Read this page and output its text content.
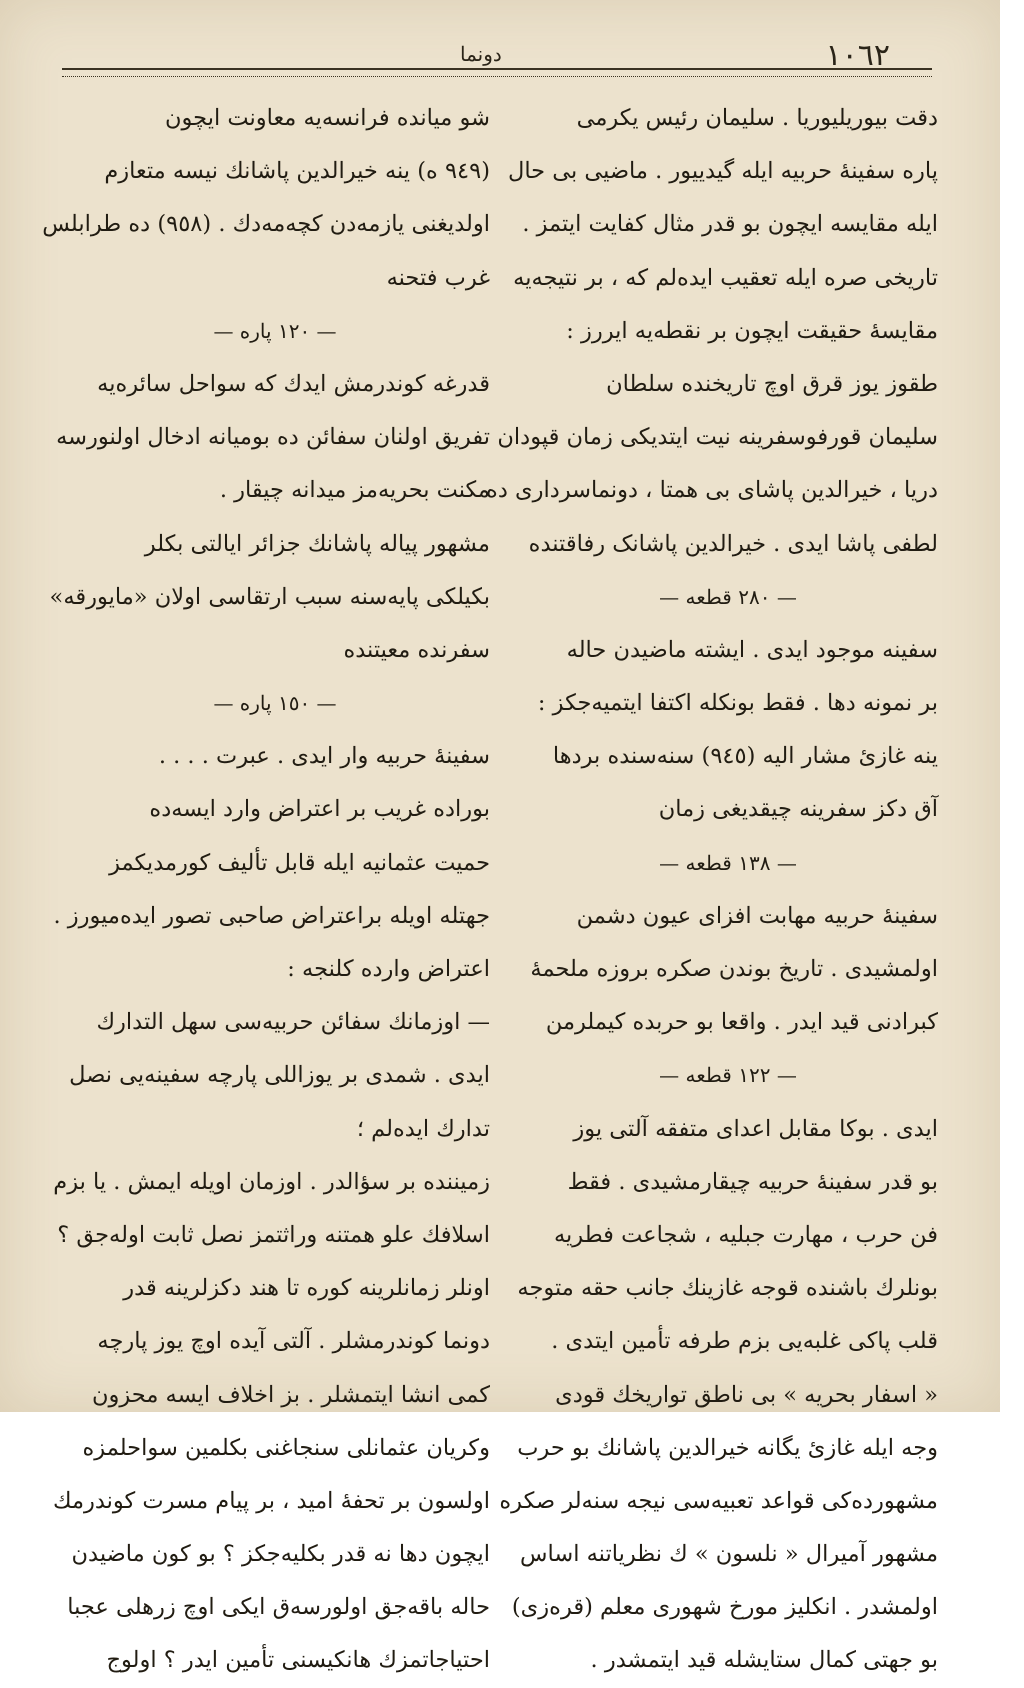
١٠٦٢
دونما
دقت بیوریلیوریا . سلیمان رئیس یکرمی
پاره سفینهٔ حربیه ایله گیدییور . ماضیی بی حال
ایله مقایسه ایچون بو قدر مثال کفایت ایتمز .
تاریخی صره ایله تعقیب ایده‌لم که ، بر نتیجه‌یه
مقایسهٔ حقیقت ایچون بر نقطه‌یه ایررز :
طقوز یوز قرق اوچ تاریخنده سلطان
سلیمان قورفوسفرینه نیت ایتدیکی زمان قپودان
دریا ، خیرالدین پاشای بی همتا ، دونماسرداری ده
لطفی پاشا ایدی . خیرالدین پاشانک رفاقتنده
— ٢٨٠ قطعه —
سفینه موجود ایدی . ایشته ماضیدن حاله
بر نمونه دها . فقط بونکله اکتفا ایتمیه‌جکز :
ینه غازئ مشار الیه (٩٤٥) سنه‌سنده بردها
آق دکز سفرینه چیقدیغی زمان
— ١٣٨ قطعه —
سفینهٔ حربیه مهابت افزای عیون دشمن
اولمشیدی . تاریخ بوندن صکره بروزه ملحمهٔ
کبرادنی قید ایدر . واقعا بو حربده کیملرمن
— ١٢٢ قطعه —
ایدی . بوکا مقابل اعدای متفقه آلتی یوز
بو قدر سفینهٔ حربیه چیقارمشیدی . فقط
فن حرب ، مهارت جبلیه ، شجاعت فطریه
بونلرك باشنده قوجه غازینك جانب حقه متوجه
قلب پاکی غلبه‌یی بزم طرفه تأمین ایتدی .
« اسفار بحریه » بی ناطق تواریخك قودی
وجه ایله غازئ یگانه خیرالدین پاشانك بو حرب
مشهورده‌کی قواعد تعبیه‌سی نیجه سنه‌لر صکره
مشهور آمیرال « نلسون » ك نظریاتنه اساس
اولمشدر . انکلیز مورخ شهوری معلم (قره‌زی)
بو جهتی کمال ستایشله قید ایتمشدر .
شو میانده فرانسه‌یه معاونت ایچون
(٩٤٩ ه) ینه خیرالدین پاشانك نیسه متعازم
اولدیغنی یازمه‌دن کچه‌مه‌دك . (٩٥٨) ده طرابلس
غرب فتحنه
— ١٢٠ پاره —
قدرغه کوندرمش ایدك که سواحل سائره‌یه
تفریق اولنان سفائن ده بومیانه ادخال اولنورسه
مکنت بحریه‌مز میدانه چیقار .
مشهور پیاله پاشانك جزائر ایالتی بکلر
بکیلکی پایه‌سنه سبب ارتقاسی اولان «مایورقه»
سفرنده معیتنده
— ١٥٠ پاره —
سفینهٔ حربیه وار ایدی . عبرت . . . .
بوراده غریب بر اعتراض وارد ایسه‌ده
حمیت عثمانیه ایله قابل تألیف کورمدیکمز
جهتله اویله براعتراض صاحبی تصور ایده‌میورز .
اعتراض وارده کلنجه :
— اوزمانك سفائن حربیه‌سی سهل التدارك
ایدی . شمدی بر یوزاللی پارچه‌ سفینه‌یی نصل
تدارك ایده‌لم ؛
زمیننده بر سؤالدر . اوزمان اویله ایمش . یا بزم
اسلافك علو همتنه وراثتمز نصل ثابت اوله‌جق ؟
اونلر زمانلرینه کوره تا هند دکزلرینه قدر
دونما کوندرمشلر . آلتی آیده اوچ یوز پارچه
کمی انشا ایتمشلر . بز اخلاف ایسه محزون
وکریان عثمانلی سنجاغنی بکلمین سواحلمزه
اولسون بر تحفهٔ امید ، بر پیام مسرت کوندرمك
ایچون دها نه قدر بکلیه‌جکز ؟ بو کون ماضیدن
حاله باقه‌جق اولورسه‌ق ایکی اوچ زرهلی عجبا
احتیاجاتمزك هانکیسنی تأمین ایدر ؟ اولوج
